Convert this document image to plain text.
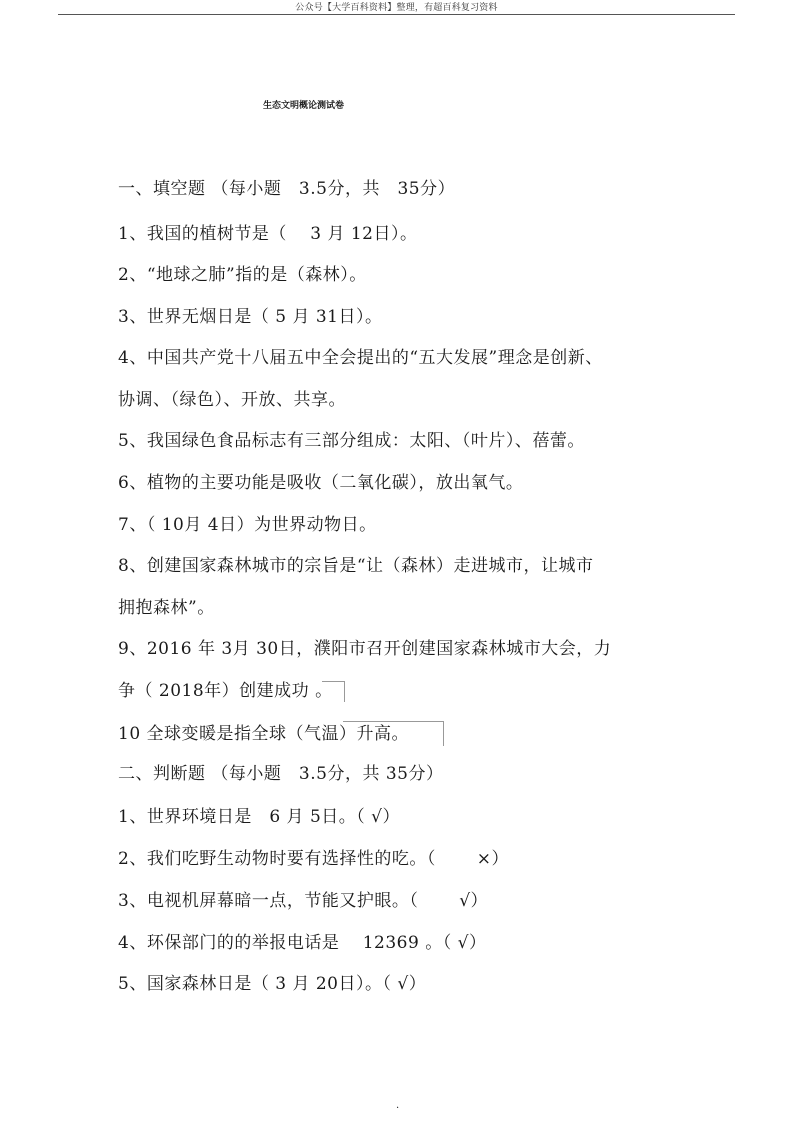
公众号【大学百科资料】整理，有超百科复习资料
生态文明概论测试卷
一、填空题 （每小题　3.5分，共　35分）
1、我国的植树节是（　 3 月 12日）。
2、“地球之肺”指的是（森林）。
3、世界无烟日是（ 5 月 31日）。
4、中国共产党十八届五中全会提出的“五大发展”理念是创新、
协调、（绿色）、开放、共享。
5、我国绿色食品标志有三部分组成：太阳、（叶片）、蓓蕾。
6、植物的主要功能是吸收（二氧化碳），放出氧气。
7、（ 10月 4日）为世界动物日。
8、创建国家森林城市的宗旨是“让（森林）走进城市，让城市
拥抱森林”。
9、2016 年 3月 30日，濮阳市召开创建国家森林城市大会，力
争（ 2018年）创建成功 。
10 全球变暖是指全球（气温）升高。
二、判断题 （每小题　3.5分，共 35分）
1、世界环境日是　6 月 5日。（ √）
2、我们吃野生动物时要有选择性的吃。（　　 ×）
3、电视机屏幕暗一点，节能又护眼。（　　 √）
4、环保部门的的举报电话是　 12369 。（ √）
5、国家森林日是（ 3 月 20日）。（ √）
.
